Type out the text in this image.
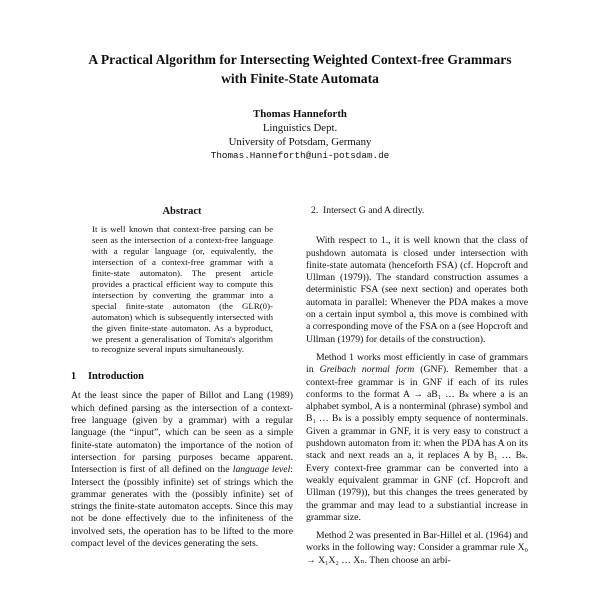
A Practical Algorithm for Intersecting Weighted Context-free Grammars
with Finite-State Automata
Thomas Hanneforth
Linguistics Dept.
University of Potsdam, Germany
Thomas.Hanneforth@uni-potsdam.de
Abstract
It is well known that context-free parsing can be seen as the intersection of a context-free language with a regular language (or, equivalently, the intersection of a context-free grammar with a finite-state automaton). The present article provides a practical efficient way to compute this intersection by converting the grammar into a special finite-state automaton (the GLR(0)-automaton) which is subsequently intersected with the given finite-state automaton. As a byproduct, we present a generalisation of Tomita's algorithm to recognize several inputs simultaneously.
1 Introduction

At the least since the paper of Billot and Lang (1989) which defined parsing as the intersection of a context-free language (given by a grammar) with a regular language (the “input”, which can be seen as a simple finite-state automaton) the importance of the notion of intersection for parsing purposes became apparent. Intersection is first of all defined on the language level: Intersect the (possibly infinite) set of strings which the grammar generates with the (possibly infinite) set of strings the finite-state automaton accepts. Since this may not be done effectively due to the infiniteness of the involved sets, the operation has to be lifted to the more compact level of the devices generating the sets.

2. Intersect G and A directly.

With respect to 1., it is well known that the class of pushdown automata is closed under intersection with finite-state automata (henceforth FSA) (cf. Hopcroft and Ullman (1979)). The standard construction assumes a deterministic FSA (see next section) and operates both automata in parallel: Whenever the PDA makes a move on a certain input symbol a, this move is combined with a corresponding move of the FSA on a (see Hopcroft and Ullman (1979) for details of the construction).

Method 1 works most efficiently in case of grammars in Greibach normal form (GNF). Remember that a context-free grammar is in GNF if each of its rules conforms to the format A → aB₁ … Bₖ where a is an alphabet symbol, A is a nonterminal (phrase) symbol and B₁ … Bₖ is a possibly empty sequence of nonterminals. Given a grammar in GNF, it is very easy to construct a pushdown automaton from it: when the PDA has A on its stack and next reads an a, it replaces A by B₁ … Bₖ. Every context-free grammar can be converted into a weakly equivalent grammar in GNF (cf. Hopcroft and Ullman (1979)), but this changes the trees generated by the grammar and may lead to a substiantial increase in grammar size.

Method 2 was presented in Bar-Hillel et al. (1964) and works in the following way: Consider a grammar rule X₀ → X₁X₂ … Xₙ. Then choose an arbi-
